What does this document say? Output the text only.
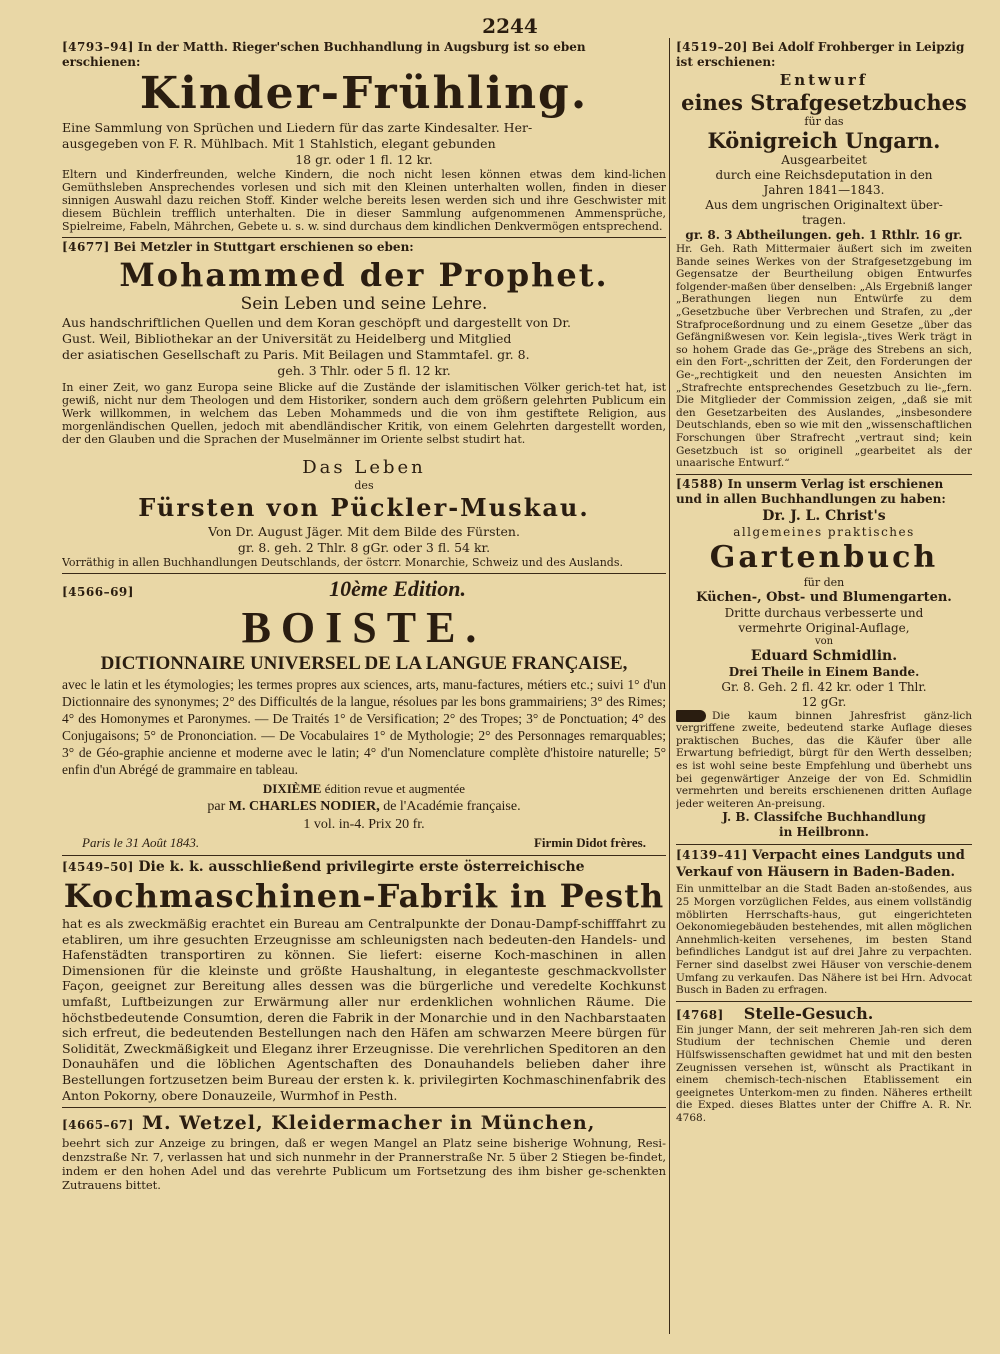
2244
[4793–94] In der Matth. Rieger'schen Buchhandlung in Augsburg ist so eben erschienen:
Kinder-Frühling.
Eine Sammlung von Sprüchen und Liedern für das zarte Kindesalter. Her-
ausgegeben von F. R. Mühlbach. Mit 1 Stahlstich, elegant gebunden
18 gr. oder 1 fl. 12 kr.
Eltern und Kinderfreunden, welche Kindern, die noch nicht lesen können etwas dem kind-lichen Gemüthsleben Ansprechendes vorlesen und sich mit den Kleinen unterhalten wollen, finden in dieser sinnigen Auswahl dazu reichen Stoff. Kinder welche bereits lesen werden sich und ihre Geschwister mit diesem Büchlein trefflich unterhalten. Die in dieser Sammlung aufgenommenen Ammensprüche, Spielreime, Fabeln, Mährchen, Gebete u. s. w. sind durchaus dem kindlichen Denkvermögen entsprechend.
[4677] Bei Metzler in Stuttgart erschienen so eben:
Mohammed der Prophet.
Sein Leben und seine Lehre.
Aus handschriftlichen Quellen und dem Koran geschöpft und dargestellt von Dr.
Gust. Weil, Bibliothekar an der Universität zu Heidelberg und Mitglied
der asiatischen Gesellschaft zu Paris. Mit Beilagen und Stammtafel. gr. 8.
geh. 3 Thlr. oder 5 fl. 12 kr.
In einer Zeit, wo ganz Europa seine Blicke auf die Zustände der islamitischen Völker gerich-tet hat, ist gewiß, nicht nur dem Theologen und dem Historiker, sondern auch dem größern gelehrten Publicum ein Werk willkommen, in welchem das Leben Mohammeds und die von ihm gestiftete Religion, aus morgenländischen Quellen, jedoch mit abendländischer Kritik, von einem Gelehrten dargestellt worden, der den Glauben und die Sprachen der Muselmänner im Oriente selbst studirt hat.
Das Leben
des
Fürsten von Pückler-Muskau.
Von Dr. August Jäger. Mit dem Bilde des Fürsten.
gr. 8. geh. 2 Thlr. 8 gGr. oder 3 fl. 54 kr.
Vorräthig in allen Buchhandlungen Deutschlands, der östcrr. Monarchie, Schweiz und des Auslands.
[4566–69]	10ème Edition.
BOISTE.
DICTIONNAIRE UNIVERSEL DE LA LANGUE FRANÇAISE,
avec le latin et les étymologies; les termes propres aux sciences, arts, manu-factures, métiers etc.; suivi 1° d'un Dictionnaire des synonymes; 2° des Difficultés de la langue, résolues par les bons grammairiens; 3° des Rimes; 4° des Homonymes et Paronymes. — De Traités 1° de Versification; 2° des Tropes; 3° de Ponctuation; 4° des Conjugaisons; 5° de Prononciation. — De Vocabulaires 1° de Mythologie; 2° des Personnages remarquables; 3° de Géo-graphie ancienne et moderne avec le latin; 4° d'un Nomenclature complète d'histoire naturelle; 5° enfin d'un Abrégé de grammaire en tableau.
DIXIÈME édition revue et augmentée
par M. CHARLES NODIER, de l'Académie française.
1 vol. in-4. Prix 20 fr.
Paris le 31 Août 1843.	Firmin Didot frères.
[4549–50] Die k. k. ausschließend privilegirte erste österreichische
Kochmaschinen-Fabrik in Pesth
hat es als zweckmäßig erachtet ein Bureau am Centralpunkte der Donau-Dampf-schifffahrt zu etabliren, um ihre gesuchten Erzeugnisse am schleunigsten nach bedeuten-den Handels- und Hafenstädten transportiren zu können. Sie liefert: eiserne Koch-maschinen in allen Dimensionen für die kleinste und größte Haushaltung, in eleganteste geschmackvollster Façon, geeignet zur Bereitung alles dessen was die bürgerliche und veredelte Kochkunst umfaßt, Luftbeizungen zur Erwärmung aller nur erdenklichen wohnlichen Räume. Die höchstbedeutende Consumtion, deren die Fabrik in der Monarchie und in den Nachbarstaaten sich erfreut, die bedeutenden Bestellungen nach den Häfen am schwarzen Meere bürgen für Solidität, Zweckmäßigkeit und Eleganz ihrer Erzeugnisse. Die verehrlichen Speditoren an den Donauhäfen und die löblichen Agentschaften des Donauhandels belieben daher ihre Bestellungen fortzusetzen beim Bureau der ersten k. k. privilegirten Kochmaschinenfabrik des Anton Pokorny, obere Donauzeile, Wurmhof in Pesth.
[4665–67] M. Wetzel, Kleidermacher in München,
beehrt sich zur Anzeige zu bringen, daß er wegen Mangel an Platz seine bisherige Wohnung, Resi-denzstraße Nr. 7, verlassen hat und sich nunmehr in der Prannerstraße Nr. 5 über 2 Stiegen be-findet, indem er den hohen Adel und das verehrte Publicum um Fortsetzung des ihm bisher ge-schenkten Zutrauens bittet.
[4519–20] Bei Adolf Frohberger in Leipzig ist erschienen:
Entwurf
eines Strafgesetzbuches
für das
Königreich Ungarn.
Ausgearbeitet
durch eine Reichsdeputation in den
Jahren 1841—1843.
Aus dem ungrischen Originaltext über-
tragen.
gr. 8. 3 Abtheilungen. geh. 1 Rthlr. 16 gr.
Hr. Geh. Rath Mittermaier äußert sich im zweiten Bande seines Werkes von der Strafgesetzgebung im Gegensatze der Beurtheilung obigen Entwurfes folgender-maßen über denselben: „Als Ergebniß langer „Berathungen liegen nun Entwürfe zu dem „Gesetzbuche über Verbrechen und Strafen, zu „der Strafproceßordnung und zu einem Gesetze „über das Gefängnißwesen vor. Kein legisla-„tives Werk trägt in so hohem Grade das Ge-„präge des Strebens an sich, ein den Fort-„schritten der Zeit, den Forderungen der Ge-„rechtigkeit und den neuesten Ansichten im „Strafrechte entsprechendes Gesetzbuch zu lie-„fern. Die Mitglieder der Commission zeigen, „daß sie mit den Gesetzarbeiten des Auslandes, „insbesondere Deutschlands, eben so wie mit den „wissenschaftlichen Forschungen über Strafrecht „vertraut sind; kein Gesetzbuch ist so originell „gearbeitet als der unaarische Entwurf.“
[4588) In unserm Verlag ist erschienen und in allen Buchhandlungen zu haben:
Dr. J. L. Christ's
allgemeines praktisches
Gartenbuch
für den
Küchen-, Obst- und Blumengarten.
Dritte durchaus verbesserte und
vermehrte Original-Auflage,
von
Eduard Schmidlin.
Drei Theile in Einem Bande.
Gr. 8. Geh. 2 fl. 42 kr. oder 1 Thlr.
12 gGr.
Die kaum binnen Jahresfrist gänz-lich vergriffene zweite, bedeutend starke Auflage dieses praktischen Buches, das die Käufer über alle Erwartung befriedigt, bürgt für den Werth desselben; es ist wohl seine beste Empfehlung und überhebt uns bei gegenwärtiger Anzeige der von Ed. Schmidlin vermehrten und bereits erschienenen dritten Auflage jeder weiteren An-preisung.
J. B. Classifche Buchhandlung
in Heilbronn.
[4139–41] Verpacht eines Landguts und Verkauf von Häusern in Baden-Baden.
Ein unmittelbar an die Stadt Baden an-stoßendes, aus 25 Morgen vorzüglichen Feldes, aus einem vollständig möblirten Herrschafts-haus, gut eingerichteten Oekonomiegebäuden bestehendes, mit allen möglichen Annehmlich-keiten versehenes, im besten Stand befindliches Landgut ist auf drei Jahre zu verpachten. Ferner sind daselbst zwei Häuser von verschie-denem Umfang zu verkaufen. Das Nähere ist bei Hrn. Advocat Busch in Baden zu erfragen.
[4768] Stelle-Gesuch.
Ein junger Mann, der seit mehreren Jah-ren sich dem Studium der technischen Chemie und deren Hülfswissenschaften gewidmet hat und mit den besten Zeugnissen versehen ist, wünscht als Practikant in einem chemisch-tech-nischen Etablissement ein geeignetes Unterkom-men zu finden. Näheres ertheilt die Exped. dieses Blattes unter der Chiffre A. R. Nr. 4768.
